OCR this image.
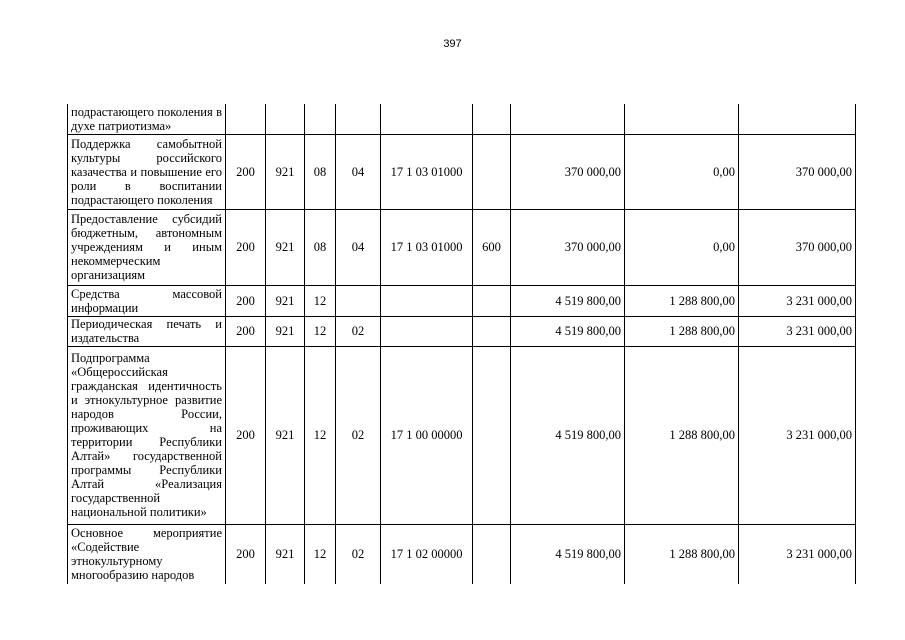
397
подрастающего поколения в духе патриотизма»									
Поддержка самобытной культуры российского казачества и повышение его роли в воспитании подрастающего поколения	200	921	08	04	17 1 03 01000		370 000,00	0,00	370 000,00
Предоставление субсидий бюджетным, автономным учреждениям и иным некоммерческим организациям	200	921	08	04	17 1 03 01000	600	370 000,00	0,00	370 000,00
Средства массовой информации	200	921	12				4 519 800,00	1 288 800,00	3 231 000,00
Периодическая печать и издательства	200	921	12	02			4 519 800,00	1 288 800,00	3 231 000,00
Подпрограмма «Общероссийская гражданская идентичность и этнокультурное развитие народов России, проживающих на территории Республики Алтай» государственной программы Республики Алтай «Реализация государственной национальной политики»	200	921	12	02	17 1 00 00000		4 519 800,00	1 288 800,00	3 231 000,00
Основное мероприятие «Содействие этнокультурному многообразию народов	200	921	12	02	17 1 02 00000		4 519 800,00	1 288 800,00	3 231 000,00
